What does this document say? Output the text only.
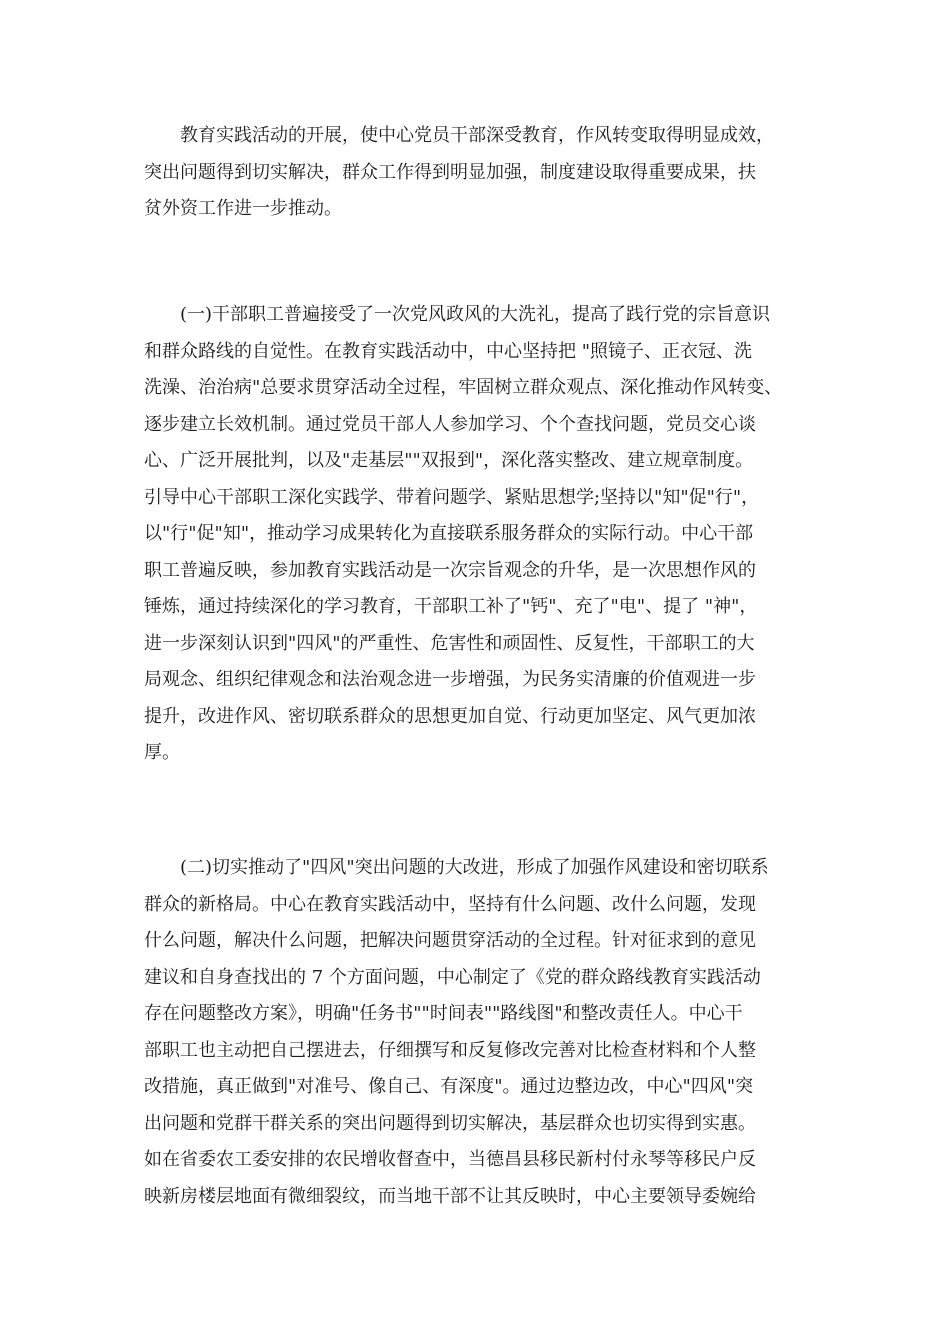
　　教育实践活动的开展，使中心党员干部深受教育，作风转变取得明显成效，
突出问题得到切实解决，群众工作得到明显加强，制度建设取得重要成果，扶
贫外资工作进一步推动。
　　(一)干部职工普遍接受了一次党风政风的大洗礼，提高了践行党的宗旨意识
和群众路线的自觉性。在教育实践活动中，中心坚持把 "照镜子、正衣冠、洗
洗澡、治治病"总要求贯穿活动全过程，牢固树立群众观点、深化推动作风转变、
逐步建立长效机制。通过党员干部人人参加学习、个个查找问题，党员交心谈
心、广泛开展批判，以及"走基层""双报到"，深化落实整改、建立规章制度。
引导中心干部职工深化实践学、带着问题学、紧贴思想学;坚持以"知"促"行"，
以"行"促"知"，推动学习成果转化为直接联系服务群众的实际行动。中心干部
职工普遍反映，参加教育实践活动是一次宗旨观念的升华，是一次思想作风的
锤炼，通过持续深化的学习教育，干部职工补了"钙"、充了"电"、提了 "神"，
进一步深刻认识到"四风"的严重性、危害性和顽固性、反复性，干部职工的大
局观念、组织纪律观念和法治观念进一步增强，为民务实清廉的价值观进一步
提升，改进作风、密切联系群众的思想更加自觉、行动更加坚定、风气更加浓
厚。
　　(二)切实推动了"四风"突出问题的大改进，形成了加强作风建设和密切联系
群众的新格局。中心在教育实践活动中，坚持有什么问题、改什么问题，发现
什么问题，解决什么问题，把解决问题贯穿活动的全过程。针对征求到的意见
建议和自身查找出的 7 个方面问题，中心制定了《党的群众路线教育实践活动
存在问题整改方案》，明确"任务书""时间表""路线图"和整改责任人。中心干
部职工也主动把自己摆进去，仔细撰写和反复修改完善对比检查材料和个人整
改措施，真正做到"对准号、像自己、有深度"。通过边整边改，中心"四风"突
出问题和党群干群关系的突出问题得到切实解决，基层群众也切实得到实惠。
如在省委农工委安排的农民增收督查中，当德昌县移民新村付永琴等移民户反
映新房楼层地面有微细裂纹，而当地干部不让其反映时，中心主要领导委婉给
